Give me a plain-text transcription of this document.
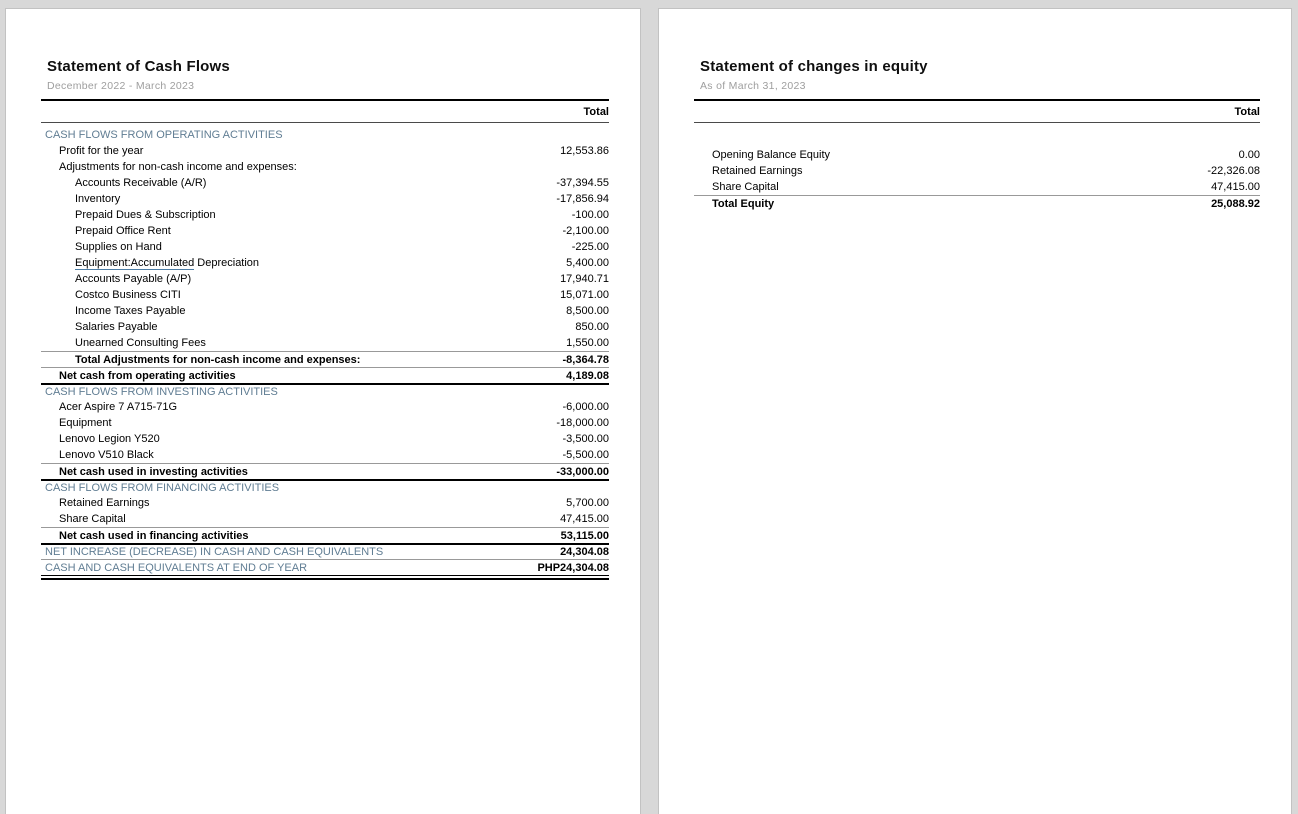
Statement of Cash Flows
December 2022 - March 2023
Total
CASH FLOWS FROM OPERATING ACTIVITIES
Profit for the year	12,553.86
Adjustments for non-cash income and expenses:
Accounts Receivable (A/R)	-37,394.55
Inventory	-17,856.94
Prepaid Dues & Subscription	-100.00
Prepaid Office Rent	-2,100.00
Supplies on Hand	-225.00
Equipment:Accumulated Depreciation	5,400.00
Accounts Payable (A/P)	17,940.71
Costco Business CITI	15,071.00
Income Taxes Payable	8,500.00
Salaries Payable	850.00
Unearned Consulting Fees	1,550.00
Total Adjustments for non-cash income and expenses:	-8,364.78
Net cash from operating activities	4,189.08
CASH FLOWS FROM INVESTING ACTIVITIES
Acer Aspire 7 A715-71G	-6,000.00
Equipment	-18,000.00
Lenovo Legion Y520	-3,500.00
Lenovo V510 Black	-5,500.00
Net cash used in investing activities	-33,000.00
CASH FLOWS FROM FINANCING ACTIVITIES
Retained Earnings	5,700.00
Share Capital	47,415.00
Net cash used in financing activities	53,115.00
NET INCREASE (DECREASE) IN CASH AND CASH EQUIVALENTS	24,304.08
CASH AND CASH EQUIVALENTS AT END OF YEAR	PHP24,304.08
Statement of changes in equity
As of March 31, 2023
Total
Opening Balance Equity	0.00
Retained Earnings	-22,326.08
Share Capital	47,415.00
Total Equity	25,088.92
